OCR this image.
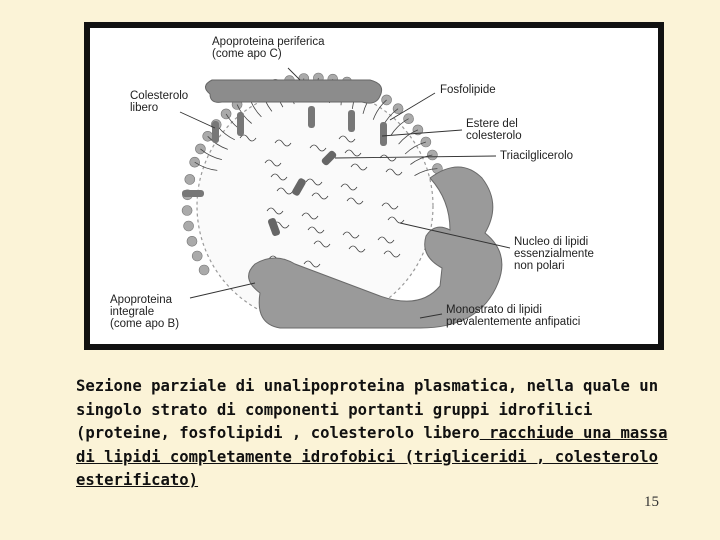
Apoproteina periferica
(come apo C)
Colesterolo
libero
Fosfolipide
Estere del
colesterolo
Triacilglicerolo
Nucleo di lipidi
essenzialmente
non polari
Apoproteina
integrale
(come apo B)
Monostrato di lipidi
prevalentemente anfipatici
Sezione parziale di unalipoproteina plasmatica, nella quale un singolo strato di componenti portanti gruppi idrofilici (proteine, fosfolipidi , colesterolo libero racchiude una massa di lipidi completamente idrofobici (trigliceridi , colesterolo esterificato)
15
